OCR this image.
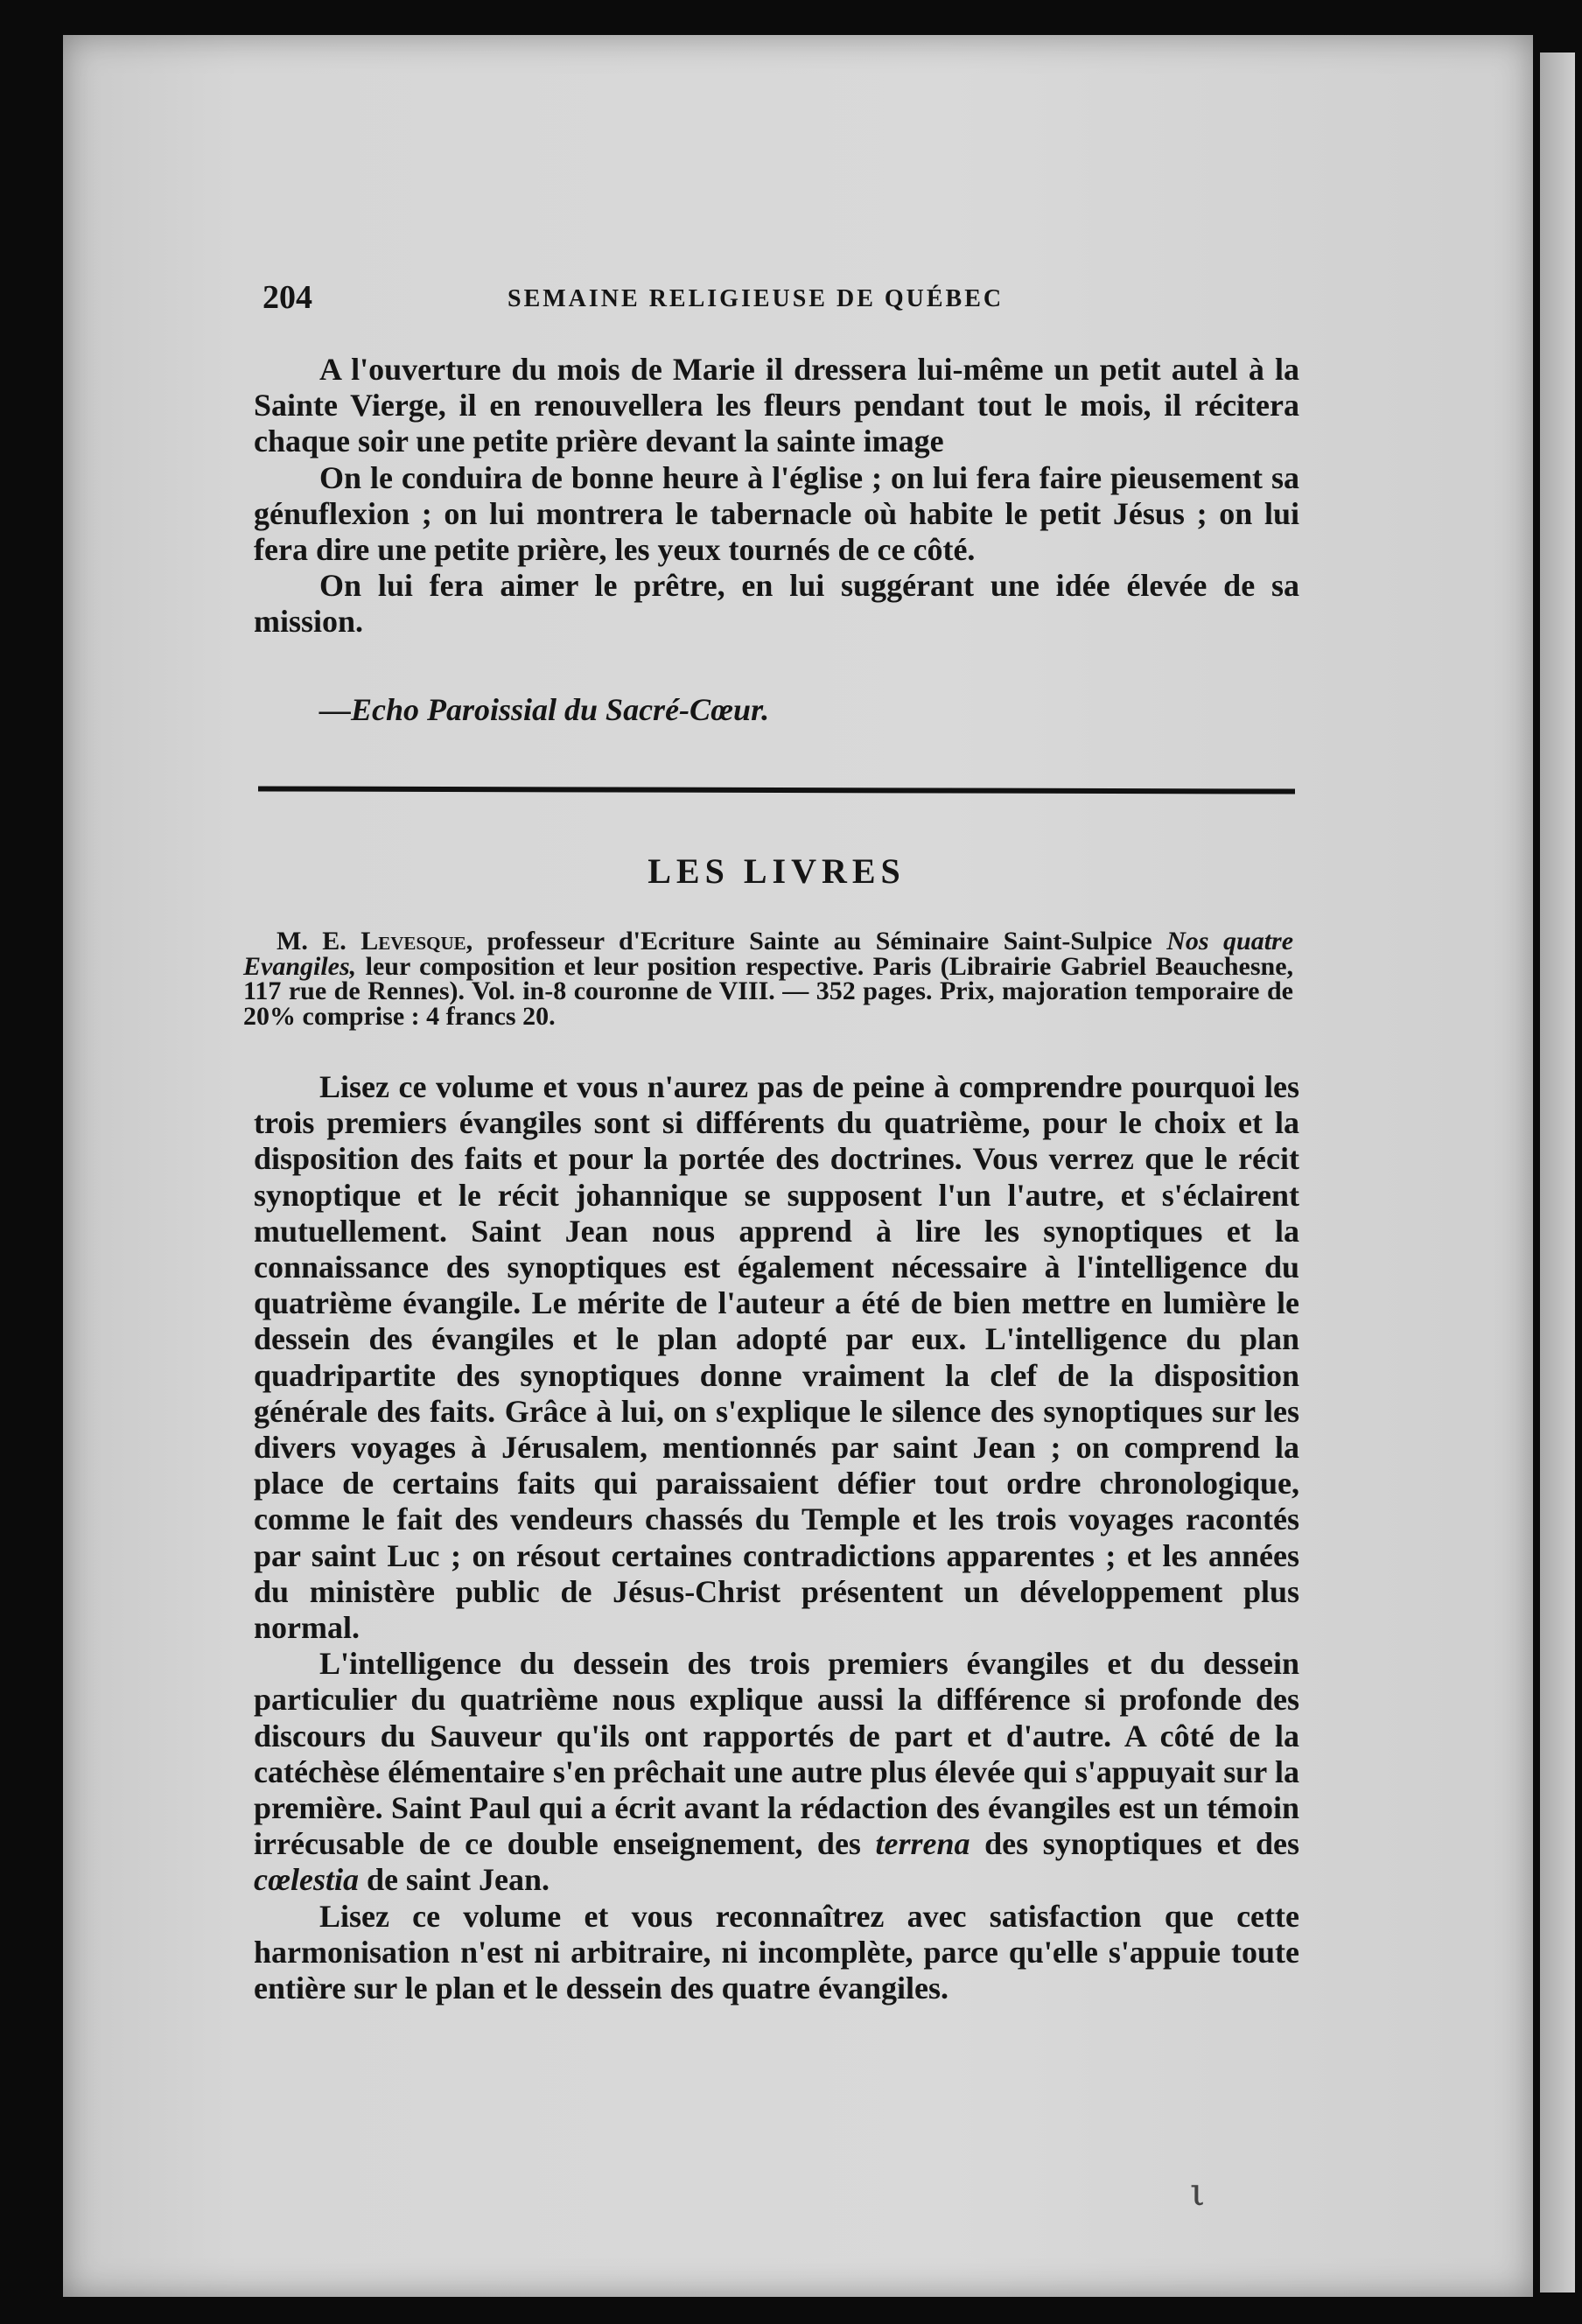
204	SEMAINE RELIGIEUSE DE QUÉBEC

A l'ouverture du mois de Marie il dressera lui-même un petit autel à la Sainte Vierge, il en renouvellera les fleurs pendant tout le mois, il récitera chaque soir une petite prière devant la sainte image

On le conduira de bonne heure à l'église ; on lui fera faire pieusement sa génuflexion ; on lui montrera le tabernacle où habite le petit Jésus ; on lui fera dire une petite prière, les yeux tournés de ce côté.

On lui fera aimer le prêtre, en lui suggérant une idée élevée de sa mission.

—Echo Paroissial du Sacré-Cœur.
LES LIVRES
M. E. Levesque, professeur d'Ecriture Sainte au Séminaire Saint-Sulpice Nos quatre Evangiles, leur composition et leur position respective. Paris (Librairie Gabriel Beauchesne, 117 rue de Rennes). Vol. in-8 couronne de VIII. — 352 pages. Prix, majoration temporaire de 20% comprise : 4 francs 20.

Lisez ce volume et vous n'aurez pas de peine à comprendre pourquoi les trois premiers évangiles sont si différents du quatrième, pour le choix et la disposition des faits et pour la portée des doctrines. Vous verrez que le récit synoptique et le récit johannique se supposent l'un l'autre, et s'éclairent mutuellement. Saint Jean nous apprend à lire les synoptiques et la connaissance des synoptiques est également nécessaire à l'intelligence du quatrième évangile. Le mérite de l'auteur a été de bien mettre en lumière le dessein des évangiles et le plan adopté par eux. L'intelligence du plan quadripartite des synoptiques donne vraiment la clef de la disposition générale des faits. Grâce à lui, on s'explique le silence des synoptiques sur les divers voyages à Jérusalem, mentionnés par saint Jean ; on comprend la place de certains faits qui paraissaient défier tout ordre chronologique, comme le fait des vendeurs chassés du Temple et les trois voyages racontés par saint Luc ; on résout certaines contradictions apparentes ; et les années du ministère public de Jésus-Christ présentent un développement plus normal.

L'intelligence du dessein des trois premiers évangiles et du dessein particulier du quatrième nous explique aussi la différence si profonde des discours du Sauveur qu'ils ont rapportés de part et d'autre. A côté de la catéchèse élémentaire s'en prêchait une autre plus élevée qui s'appuyait sur la première. Saint Paul qui a écrit avant la rédaction des évangiles est un témoin irrécusable de ce double enseignement, des terrena des synoptiques et des cœlestia de saint Jean.

Lisez ce volume et vous reconnaîtrez avec satisfaction que cette harmonisation n'est ni arbitraire, ni incomplète, parce qu'elle s'appuie toute entière sur le plan et le dessein des quatre évangiles.

ι
